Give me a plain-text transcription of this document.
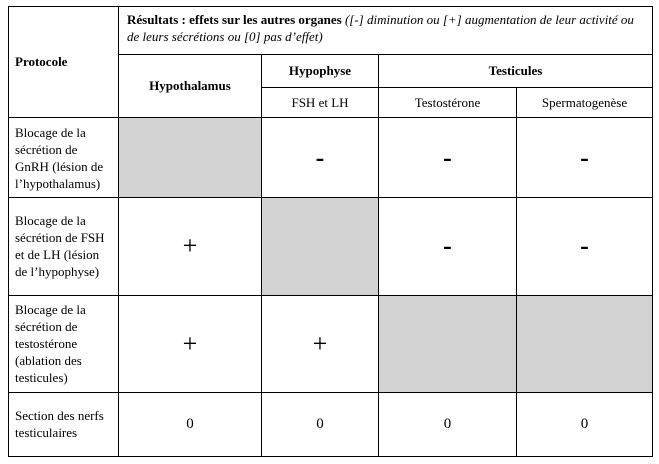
Protocole	Résultats : effets sur les autres organes ([-] diminution ou [+] augmentation de leur activité ou de leurs sécrétions ou [0] pas d’effet)			
	Hypothalamus	Hypophyse	Testicules	
		FSH et LH	Testostérone	Spermatogenèse
Blocage de la sécrétion de GnRH (lésion de l’hypothalamus)		-	-	-
Blocage de la sécrétion de FSH et de LH (lésion de l’hypophyse)	+		-	-
Blocage de la sécrétion de testostérone (ablation des testicules)	+	+		
Section des nerfs testiculaires	0	0	0	0
